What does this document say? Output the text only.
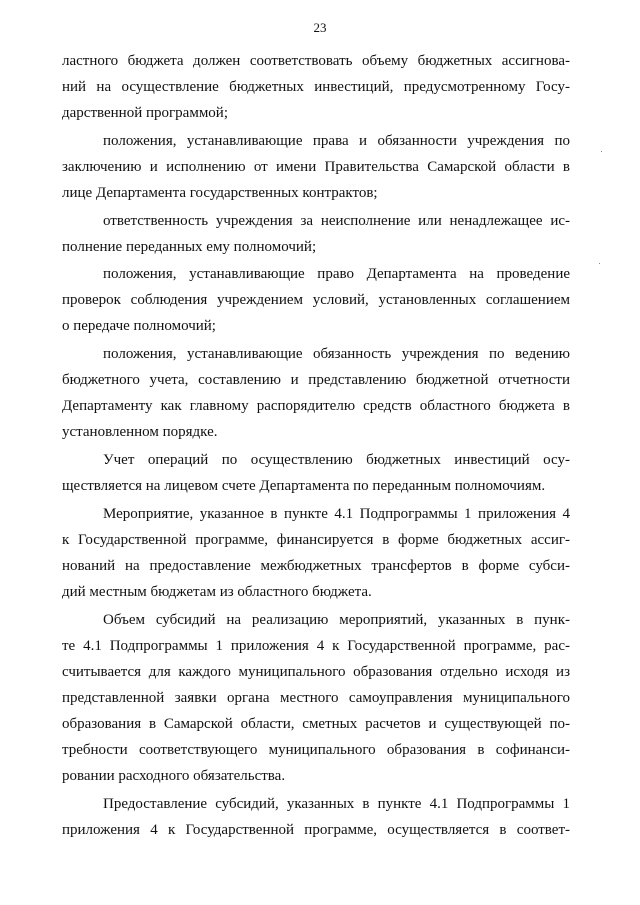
23
ластного бюджета должен соответствовать объему бюджетных ассигнова-
ний на осуществление бюджетных инвестиций, предусмотренному Госу-
дарственной программой;
положения, устанавливающие права и обязанности учреждения по
заключению и исполнению от имени Правительства Самарской области в
лице Департамента государственных контрактов;
ответственность учреждения за неисполнение или ненадлежащее ис-
полнение переданных ему полномочий;
положения, устанавливающие право Департамента на проведение
проверок соблюдения учреждением условий, установленных соглашением
о передаче полномочий;
положения, устанавливающие обязанность учреждения по ведению
бюджетного учета, составлению и представлению бюджетной отчетности
Департаменту как главному распорядителю средств областного бюджета в
установленном порядке.
Учет операций по осуществлению бюджетных инвестиций осу-
ществляется на лицевом счете Департамента по переданным полномочиям.
Мероприятие, указанное в пункте 4.1 Подпрограммы 1 приложения 4
к Государственной программе, финансируется в форме бюджетных ассиг-
нований на предоставление межбюджетных трансфертов в форме субси-
дий местным бюджетам из областного бюджета.
Объем субсидий на реализацию мероприятий, указанных в пунк-
те 4.1 Подпрограммы 1 приложения 4 к Государственной программе, рас-
считывается для каждого муниципального образования отдельно исходя из
представленной заявки органа местного самоуправления муниципального
образования в Самарской области, сметных расчетов и существующей по-
требности соответствующего муниципального образования в софинанси-
ровании расходного обязательства.
Предоставление субсидий, указанных в пункте 4.1 Подпрограммы 1
приложения 4 к Государственной программе, осуществляется в соответ-
